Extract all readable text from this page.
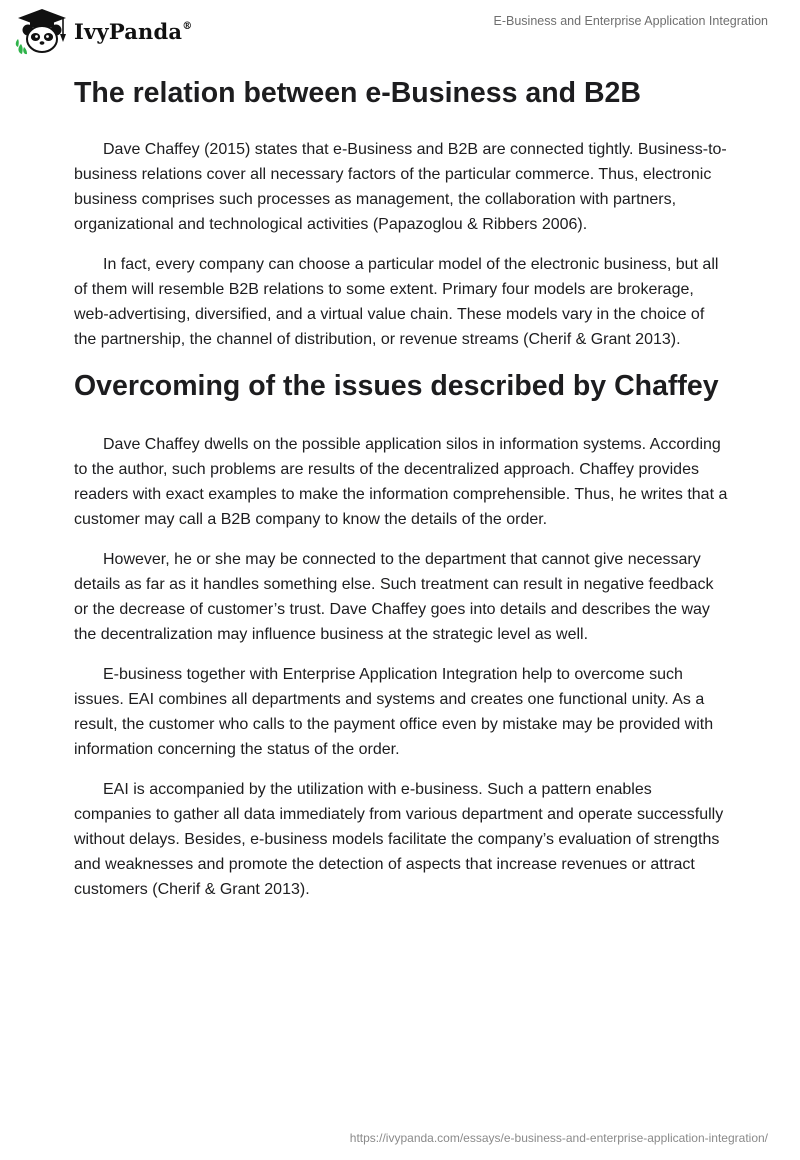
IvyPanda®	E-Business and Enterprise Application Integration
The relation between e-Business and B2B

Dave Chaffey (2015) states that e-Business and B2B are connected tightly. Business-to-business relations cover all necessary factors of the particular commerce. Thus, electronic business comprises such processes as management, the collaboration with partners, organizational and technological activities (Papazoglou & Ribbers 2006).

In fact, every company can choose a particular model of the electronic business, but all of them will resemble B2B relations to some extent. Primary four models are brokerage, web-advertising, diversified, and a virtual value chain. These models vary in the choice of the partnership, the channel of distribution, or revenue streams (Cherif & Grant 2013).

Overcoming of the issues described by Chaffey

Dave Chaffey dwells on the possible application silos in information systems. According to the author, such problems are results of the decentralized approach. Chaffey provides readers with exact examples to make the information comprehensible. Thus, he writes that a customer may call a B2B company to know the details of the order.

However, he or she may be connected to the department that cannot give necessary details as far as it handles something else. Such treatment can result in negative feedback or the decrease of customer’s trust. Dave Chaffey goes into details and describes the way the decentralization may influence business at the strategic level as well.

E-business together with Enterprise Application Integration help to overcome such issues. EAI combines all departments and systems and creates one functional unity. As a result, the customer who calls to the payment office even by mistake may be provided with information concerning the status of the order.

EAI is accompanied by the utilization with e-business. Such a pattern enables companies to gather all data immediately from various department and operate successfully without delays. Besides, e-business models facilitate the company’s evaluation of strengths and weaknesses and promote the detection of aspects that increase revenues or attract customers (Cherif & Grant 2013).

https://ivypanda.com/essays/e-business-and-enterprise-application-integration/
